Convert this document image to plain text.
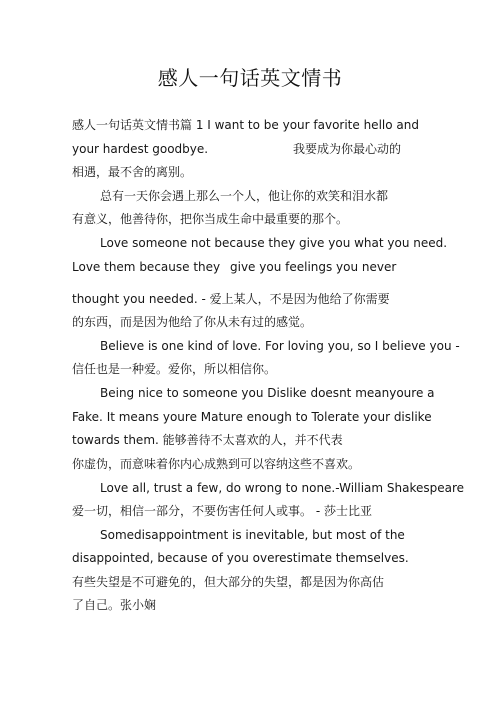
感人一句话英文情书
感人一句话英文情书篇 1 I want to be your favorite hello and
your hardest goodbye.	我要成为你最心动的
相遇，最不舍的离别。
总有一天你会遇上那么一个人，他让你的欢笑和泪水都
有意义，他善待你，把你当成生命中最重要的那个。
Love someone not because they give you what you need.
Love them because they give you feelings you never
thought you needed. - 爱上某人，不是因为他给了你需要
的东西，而是因为他给了你从未有过的感觉。
Believe is one kind of love. For loving you, so I believe you -
信任也是一种爱。爱你，所以相信你。
Being nice to someone you Dislike doesnt meanyoure a
Fake. It means youre Mature enough to Tolerate your dislike
towards them. 能够善待不太喜欢的人，并不代表
你虚伪，而意味着你内心成熟到可以容纳这些不喜欢。
Love all, trust a few, do wrong to none.-William Shakespeare
爱一切，相信一部分，不要伤害任何人或事。 - 莎士比亚
Somedisappointment is inevitable, but most of the
disappointed, because of you overestimate themselves.
有些失望是不可避免的，但大部分的失望，都是因为你高估
了自己。张小娴
